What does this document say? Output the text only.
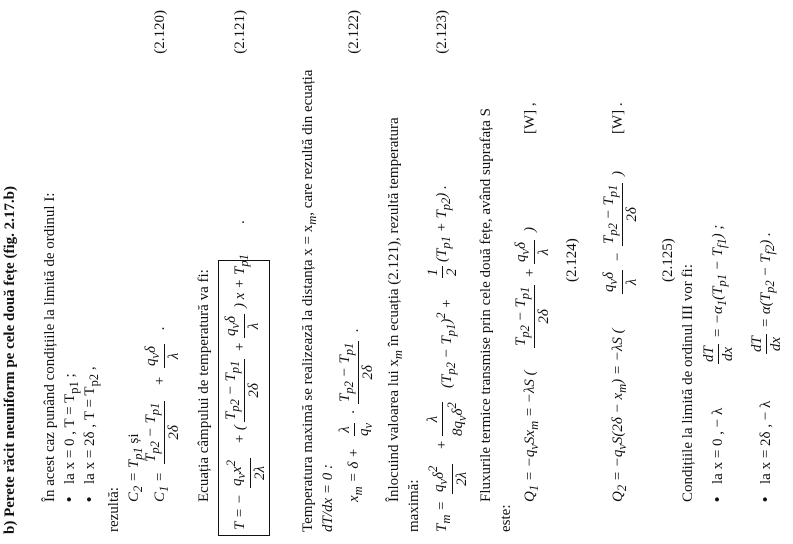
b) Perete răcit neuniform pe cele două fețe (fig. 2.17.b) În acest caz punând condițiile la limită de ordinul I: • la x = 0 , $T = T_{p1}$ ;
• la x = 2δ , $T = T_{p2}$ ,
rezultă: $C_2 = T_{p1}$ și
$C_1$ =
$T_{p2} - T_{p1}$
2δ
+
$q_v\delta$
λ
.
(2.120)
Ecuația câmpului de temperatură va fi:
T = −
$q_vx^2$
2λ
+ (
$T_{p2} - T_{p1}$
2δ
+
$q_v\delta$
λ
) $x + T_{p1}$
.
(2.121)
Temperatura maximă se realizează la distanța $x = x_m$, care rezultă din ecuația
dT/dx = 0 : $x_m = \delta$ +
λ $q_v$
·
$T_{p2} - T_{p1}$
2δ
.
(2.122)
Înlocuind valoarea lui $x_m$ în ecuația (2.121), rezultă temperatura
maximă: $T_m$ =
$q_v\delta^2$
2λ
+
λ
$8q_v\delta^2$
$(T_{p2} - T_{p1})^2$ +
1 2
$(T_{p1} + T_{p2})$ .
(2.123)
Fluxurile termice transmise prin cele două fețe, având suprafața S
este:
$Q_1 = -q_vSx_m = -\lambda S$ (
$T_{p2} - T_{p1}$
2δ
+
$q_v\delta$
λ
)
[W] ,
(2.124)
$Q_2 = -q_vS(2\delta - x_m) = -\lambda S$ (
$q_v\delta$
λ
−
$T_{p2} - T_{p1}$
2δ
)
[W] .
(2.125)
Condițiile la limită de ordinul III vor fi: • la x = 0 , − λ
dT dx
= $-\alpha_1(T_{p1} - T_{f1})$ ;
• la x = 2δ , − λ
dT dx
= $\alpha(T_{p2} - T_{f2})$ .
